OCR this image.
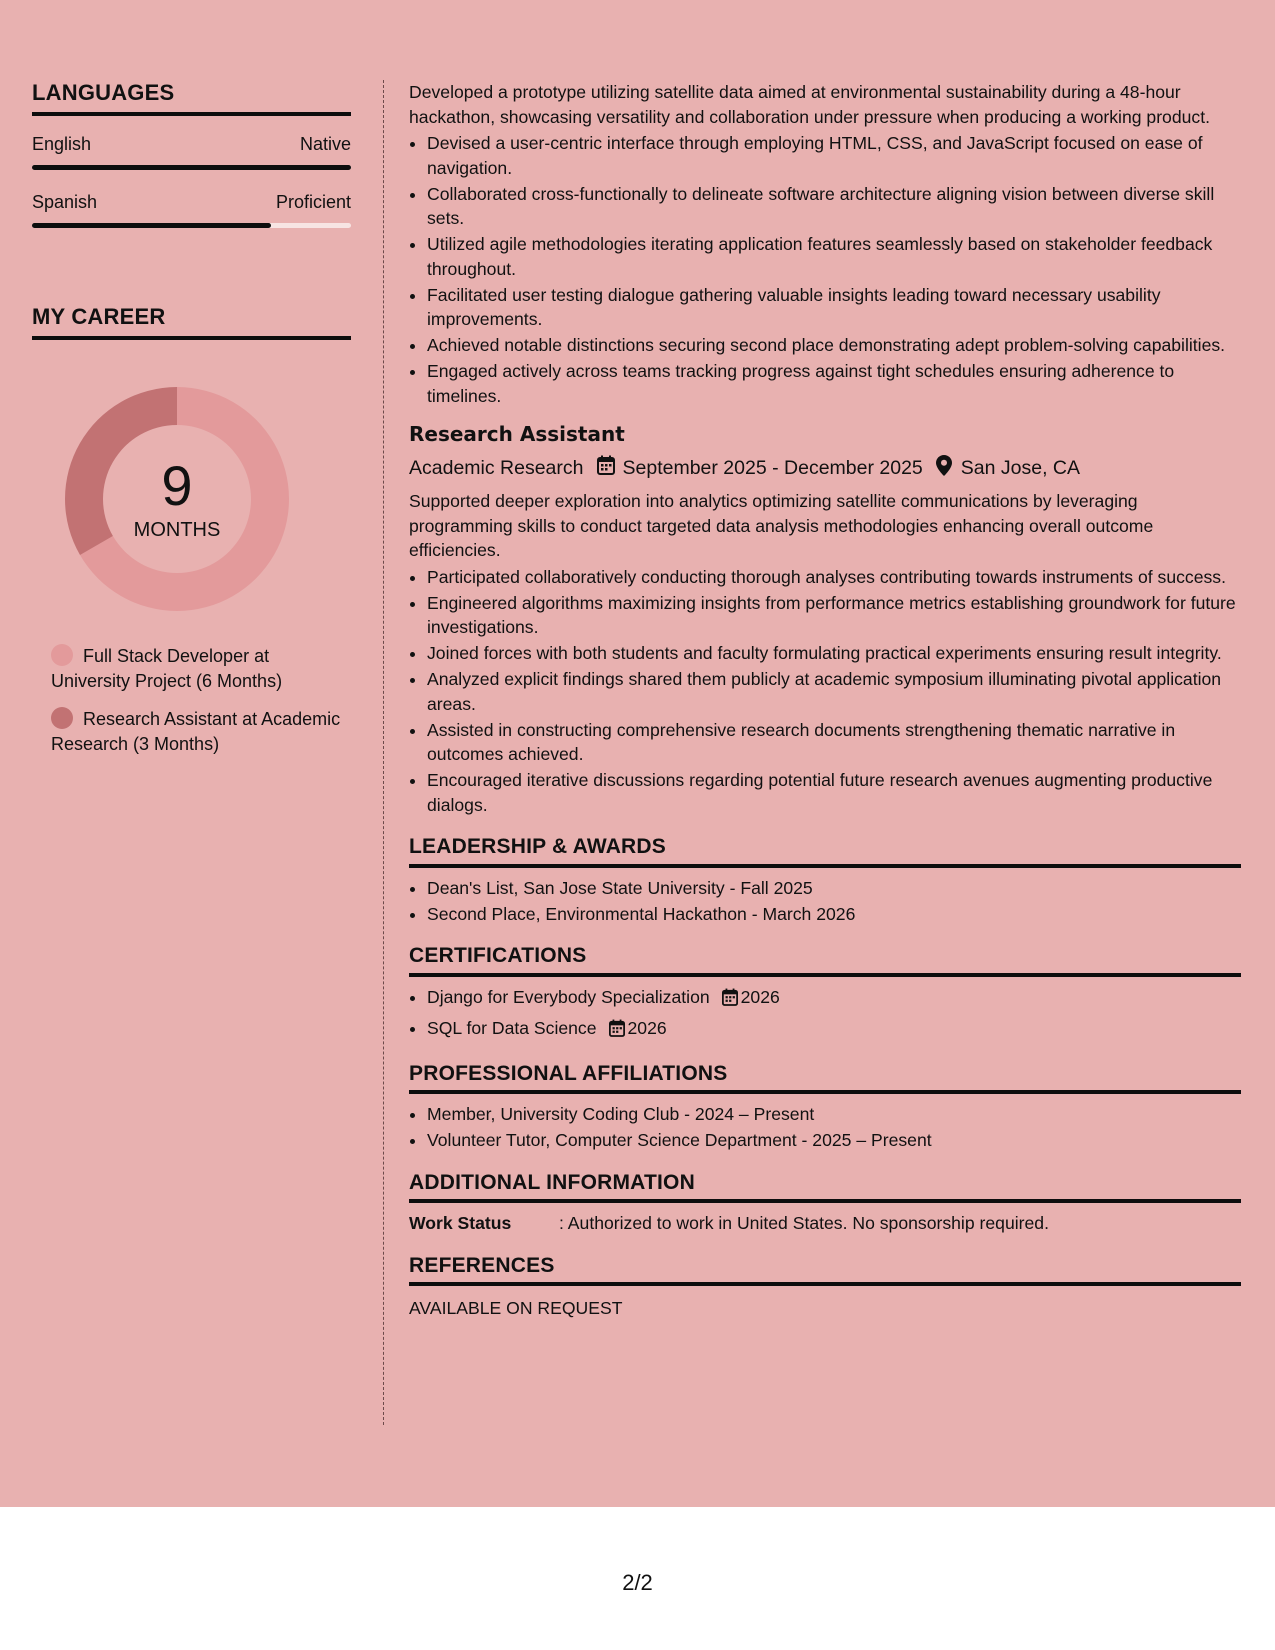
LANGUAGES
English	Native
Spanish	Proficient
MY CAREER
9
MONTHS
Full Stack Developer at University Project (6 Months)
Research Assistant at Academic Research (3 Months)

Developed a prototype utilizing satellite data aimed at environmental sustainability during a 48-hour hackathon, showcasing versatility and collaboration under pressure when producing a working product.

• Devised a user-centric interface through employing HTML, CSS, and JavaScript focused on ease of navigation.
• Collaborated cross-functionally to delineate software architecture aligning vision between diverse skill sets.
• Utilized agile methodologies iterating application features seamlessly based on stakeholder feedback throughout.
• Facilitated user testing dialogue gathering valuable insights leading toward necessary usability improvements.
• Achieved notable distinctions securing second place demonstrating adept problem-solving capabilities.
• Engaged actively across teams tracking progress against tight schedules ensuring adherence to timelines.
Research Assistant
Academic Research September 2025 - December 2025 San Jose, CA

Supported deeper exploration into analytics optimizing satellite communications by leveraging programming skills to conduct targeted data analysis methodologies enhancing overall outcome efficiencies.

• Participated collaboratively conducting thorough analyses contributing towards instruments of success.
• Engineered algorithms maximizing insights from performance metrics establishing groundwork for future investigations.
• Joined forces with both students and faculty formulating practical experiments ensuring result integrity.
• Analyzed explicit findings shared them publicly at academic symposium illuminating pivotal application areas.
• Assisted in constructing comprehensive research documents strengthening thematic narrative in outcomes achieved.
• Encouraged iterative discussions regarding potential future research avenues augmenting productive dialogs.
LEADERSHIP & AWARDS
• Dean's List, San Jose State University - Fall 2025
• Second Place, Environmental Hackathon - March 2026
CERTIFICATIONS
• Django for Everybody Specialization 2026
• SQL for Data Science 2026
PROFESSIONAL AFFILIATIONS
• Member, University Coding Club - 2024 – Present
• Volunteer Tutor, Computer Science Department - 2025 – Present
ADDITIONAL INFORMATION
Work Status	: Authorized to work in United States. No sponsorship required.
REFERENCES
AVAILABLE ON REQUEST
2/2
